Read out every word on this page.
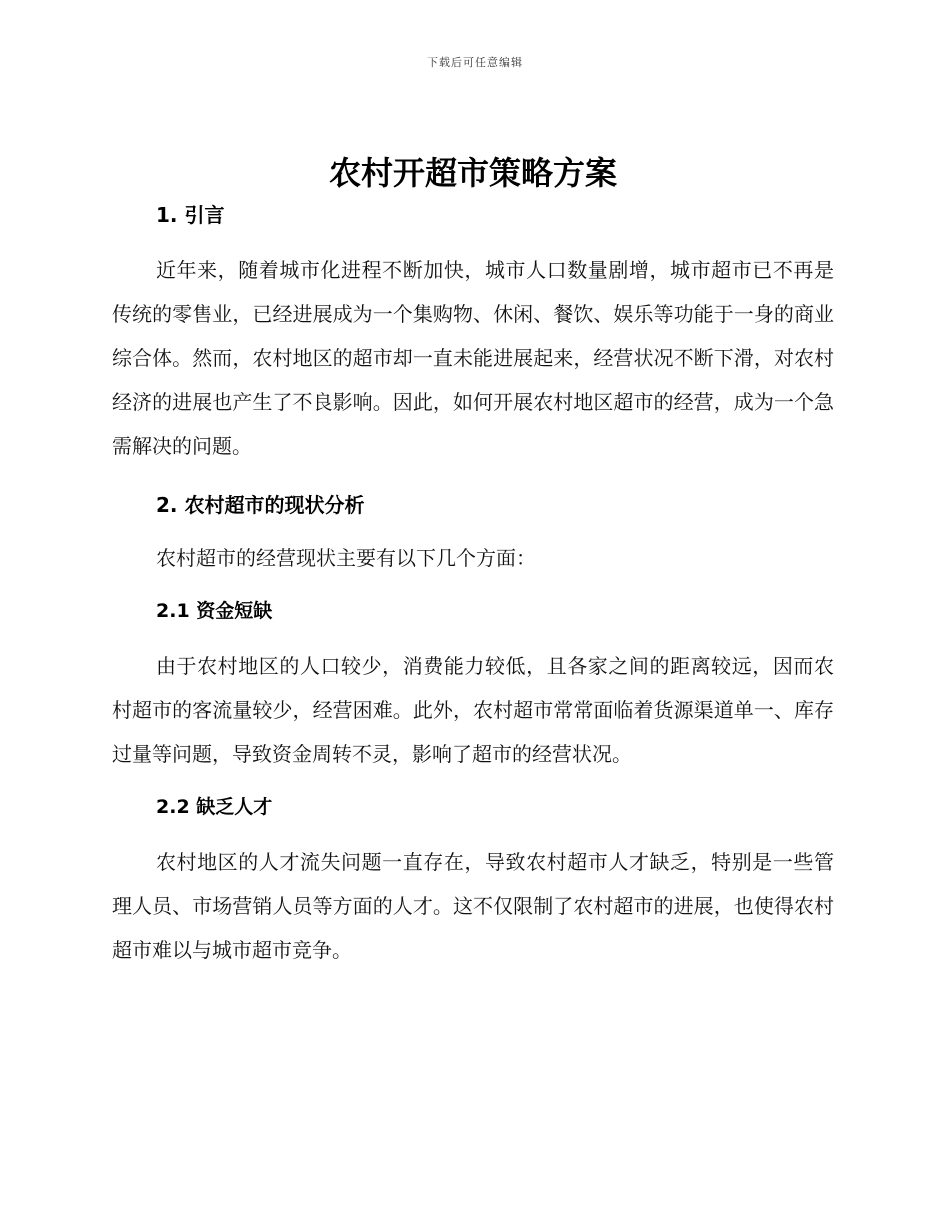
下载后可任意编辑
农村开超市策略方案
1. 引言

近年来，随着城市化进程不断加快，城市人口数量剧增，城市超市已不再是传统的零售业，已经进展成为一个集购物、休闲、餐饮、娱乐等功能于一身的商业综合体。然而，农村地区的超市却一直未能进展起来，经营状况不断下滑，对农村经济的进展也产生了不良影响。因此，如何开展农村地区超市的经营，成为一个急需解决的问题。

2. 农村超市的现状分析

农村超市的经营现状主要有以下几个方面：

2.1 资金短缺

由于农村地区的人口较少，消费能力较低，且各家之间的距离较远，因而农村超市的客流量较少，经营困难。此外，农村超市常常面临着货源渠道单一、库存过量等问题，导致资金周转不灵，影响了超市的经营状况。

2.2 缺乏人才

农村地区的人才流失问题一直存在，导致农村超市人才缺乏，特别是一些管理人员、市场营销人员等方面的人才。这不仅限制了农村超市的进展，也使得农村超市难以与城市超市竞争。
